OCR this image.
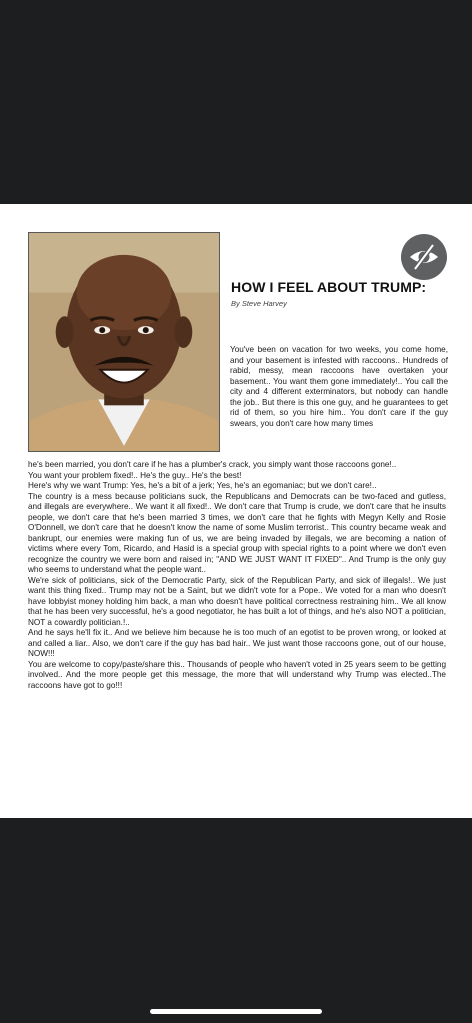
HOW I FEEL ABOUT TRUMP:
By Steve Harvey
You've been on vacation for two weeks, you come home, and your basement is infested with raccoons.. Hundreds of rabid, messy, mean raccoons have overtaken your basement.. You want them gone immediately!.. You call the city and 4 different exterminators, but nobody can handle the job.. But there is this one guy, and he guarantees to get rid of them, so you hire him.. You don't care if the guy swears, you don't care how many times

he's been married, you don't care if he has a plumber's crack, you simply want those raccoons gone!..

You want your problem fixed!.. He's the guy.. He's the best!

Here's why we want Trump: Yes, he's a bit of a jerk; Yes, he's an egomaniac; but we don't care!..

The country is a mess because politicians suck, the Republicans and Democrats can be two-faced and gutless, and illegals are everywhere.. We want it all fixed!.. We don't care that Trump is crude, we don't care that he insults people, we don't care that he's been married 3 times, we don't care that he fights with Megyn Kelly and Rosie O'Donnell, we don't care that he doesn't know the name of some Muslim terrorist.. This country became weak and bankrupt, our enemies were making fun of us, we are being invaded by illegals, we are becoming a nation of victims where every Tom, Ricardo, and Hasid is a special group with special rights to a point where we don't even recognize the country we were born and raised in; "AND WE JUST WANT IT FIXED".. And Trump is the only guy who seems to understand what the people want..

We're sick of politicians, sick of the Democratic Party, sick of the Republican Party, and sick of illegals!.. We just want this thing fixed.. Trump may not be a Saint, but we didn't vote for a Pope.. We voted for a man who doesn't have lobbyist money holding him back, a man who doesn't have political correctness restraining him.. We all know that he has been very successful, he's a good negotiator, he has built a lot of things, and he's also NOT a politician, NOT a cowardly politician.!..

And he says he'll fix it.. And we believe him because he is too much of an egotist to be proven wrong, or looked at and called a liar.. Also, we don't care if the guy has bad hair.. We just want those raccoons gone, out of our house, NOW!!!

You are welcome to copy/paste/share this.. Thousands of people who haven't voted in 25 years seem to be getting involved.. And the more people get this message, the more that will understand why Trump was elected..The raccoons have got to go!!!
